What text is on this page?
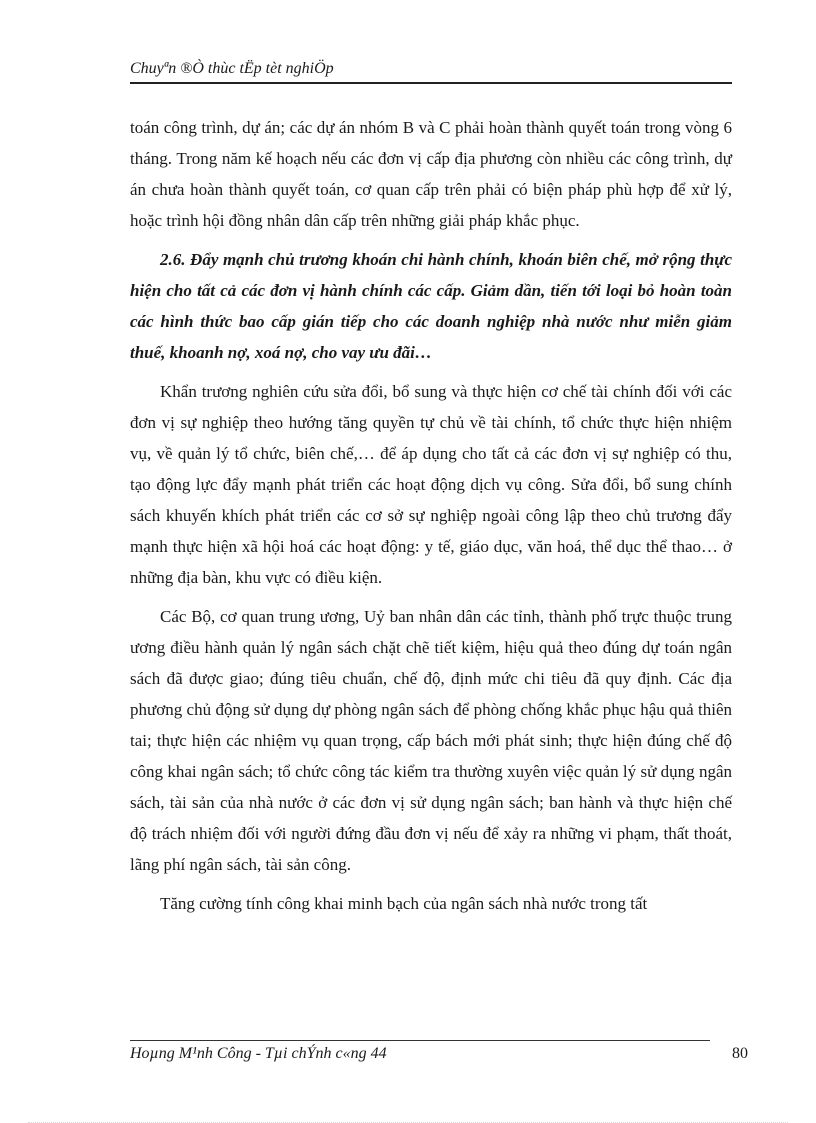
Chuyªn ®Ò thùc tËp tèt nghiÖp

toán công trình, dự án; các dự án nhóm B và C phải hoàn thành quyết toán trong vòng 6 tháng. Trong năm kế hoạch nếu các đơn vị cấp địa phương còn nhiều các công trình, dự án chưa hoàn thành quyết toán, cơ quan cấp trên phải có biện pháp phù hợp để xử lý, hoặc trình hội đồng nhân dân cấp trên những giải pháp khắc phục.

2.6. Đẩy mạnh chủ trương khoán chi hành chính, khoán biên chế, mở rộng thực hiện cho tất cả các đơn vị hành chính các cấp. Giảm dần, tiến tới loại bỏ hoàn toàn các hình thức bao cấp gián tiếp cho các doanh nghiệp nhà nước như miễn giảm thuế, khoanh nợ, xoá nợ, cho vay ưu đãi…

Khẩn trương nghiên cứu sửa đổi, bổ sung và thực hiện cơ chế tài chính đối với các đơn vị sự nghiệp theo hướng tăng quyền tự chủ về tài chính, tổ chức thực hiện nhiệm vụ, về quản lý tổ chức, biên chế,… để áp dụng cho tất cả các đơn vị sự nghiệp có thu, tạo động lực đẩy mạnh phát triển các hoạt động dịch vụ công. Sửa đổi, bổ sung chính sách khuyến khích phát triển các cơ sở sự nghiệp ngoài công lập theo chủ trương đẩy mạnh thực hiện xã hội hoá các hoạt động: y tế, giáo dục, văn hoá, thể dục thể thao… ở những địa bàn, khu vực có điều kiện.

Các Bộ, cơ quan trung ương, Uỷ ban nhân dân các tỉnh, thành phố trực thuộc trung ương điều hành quản lý ngân sách chặt chẽ tiết kiệm, hiệu quả theo đúng dự toán ngân sách đã được giao; đúng tiêu chuẩn, chế độ, định mức chi tiêu đã quy định. Các địa phương chủ động sử dụng dự phòng ngân sách để phòng chống khắc phục hậu quả thiên tai; thực hiện các nhiệm vụ quan trọng, cấp bách mới phát sinh; thực hiện đúng chế độ công khai ngân sách; tổ chức công tác kiểm tra thường xuyên việc quản lý sử dụng ngân sách, tài sản của nhà nước ở các đơn vị sử dụng ngân sách; ban hành và thực hiện chế độ trách nhiệm đối với người đứng đầu đơn vị nếu để xảy ra những vi phạm, thất thoát, lãng phí ngân sách, tài sản công.

Tăng cường tính công khai minh bạch của ngân sách nhà nước trong tất

Hoµng M¹nh Công - Tµi chÝnh c«ng 44	80
